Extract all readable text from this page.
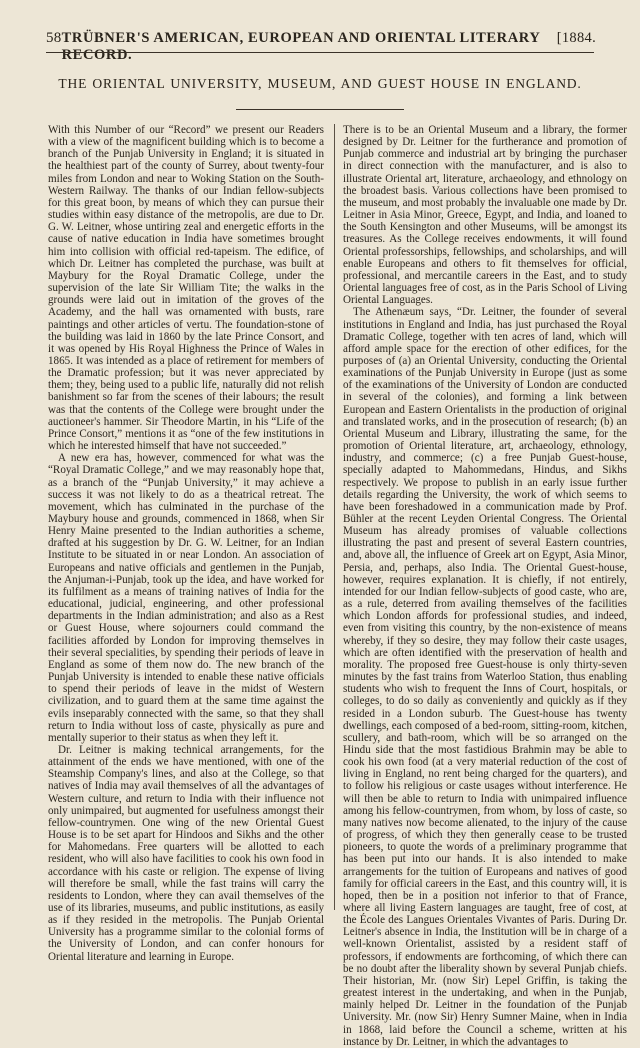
58 TRÜBNER'S AMERICAN, EUROPEAN AND ORIENTAL LITERARY RECORD.
[1884.
THE ORIENTAL UNIVERSITY, MUSEUM, AND GUEST HOUSE IN ENGLAND.

With this Number of our “Record” we present our Readers with a view of the magnificent building which is to become a branch of the Punjab University in England; it is situated in the healthiest part of the county of Surrey, about twenty-four miles from London and near to Woking Station on the South-Western Railway. The thanks of our Indian fellow-subjects for this great boon, by means of which they can pursue their studies within easy distance of the metropolis, are due to Dr. G. W. Leitner, whose untiring zeal and energetic efforts in the cause of native education in India have sometimes brought him into collision with official red-tapeism. The edifice, of which Dr. Leitner has completed the purchase, was built at Maybury for the Royal Dramatic College, under the supervision of the late Sir William Tite; the walks in the grounds were laid out in imitation of the groves of the Academy, and the hall was ornamented with busts, rare paintings and other articles of vertu. The foundation-stone of the building was laid in 1860 by the late Prince Consort, and it was opened by His Royal Highness the Prince of Wales in 1865. It was intended as a place of retirement for members of the Dramatic profession; but it was never appreciated by them; they, being used to a public life, naturally did not relish banishment so far from the scenes of their labours; the result was that the contents of the College were brought under the auctioneer's hammer. Sir Theodore Martin, in his “Life of the Prince Consort,” mentions it as “one of the few institutions in which he interested himself that have not succeeded.”

A new era has, however, commenced for what was the “Royal Dramatic College,” and we may reasonably hope that, as a branch of the “Punjab University,” it may achieve a success it was not likely to do as a theatrical retreat. The movement, which has culminated in the purchase of the Maybury house and grounds, commenced in 1868, when Sir Henry Maine presented to the Indian authorities a scheme, drafted at his suggestion by Dr. G. W. Leitner, for an Indian Institute to be situated in or near London. An association of Europeans and native officials and gentlemen in the Punjab, the Anjuman-i-Punjab, took up the idea, and have worked for its fulfilment as a means of training natives of India for the educational, judicial, engineering, and other professional departments in the Indian administration; and also as a Rest or Guest House, where sojourners could command the facilities afforded by London for improving themselves in their several specialities, by spending their periods of leave in England as some of them now do. The new branch of the Punjab University is intended to enable these native officials to spend their periods of leave in the midst of Western civilization, and to guard them at the same time against the evils inseparably connected with the same, so that they shall return to India without loss of caste, physically as pure and mentally superior to their status as when they left it.

Dr. Leitner is making technical arrangements, for the attainment of the ends we have mentioned, with one of the Steamship Company's lines, and also at the College, so that natives of India may avail themselves of all the advantages of Western culture, and return to India with their influence not only unimpaired, but augmented for usefulness amongst their fellow-countrymen. One wing of the new Oriental Guest House is to be set apart for Hindoos and Sikhs and the other for Mahomedans. Free quarters will be allotted to each resident, who will also have facilities to cook his own food in accordance with his caste or religion. The expense of living will therefore be small, while the fast trains will carry the residents to London, where they can avail themselves of the use of its libraries, museums, and public institutions, as easily as if they resided in the metropolis. The Punjab Oriental University has a programme similar to the colonial forms of the University of London, and can confer honours for Oriental literature and learning in Europe.

There is to be an Oriental Museum and a library, the former designed by Dr. Leitner for the furtherance and promotion of Punjab commerce and industrial art by bringing the purchaser in direct connection with the manufacturer, and is also to illustrate Oriental art, literature, archaeology, and ethnology on the broadest basis. Various collections have been promised to the museum, and most probably the invaluable one made by Dr. Leitner in Asia Minor, Greece, Egypt, and India, and loaned to the South Kensington and other Museums, will be amongst its treasures. As the College receives endowments, it will found Oriental professorships, fellowships, and scholarships, and will enable Europeans and others to fit themselves for official, professional, and mercantile careers in the East, and to study Oriental languages free of cost, as in the Paris School of Living Oriental Languages.

The Athenæum says, “Dr. Leitner, the founder of several institutions in England and India, has just purchased the Royal Dramatic College, together with ten acres of land, which will afford ample space for the erection of other edifices, for the purposes of (a) an Oriental University, conducting the Oriental examinations of the Punjab University in Europe (just as some of the examinations of the University of London are conducted in several of the colonies), and forming a link between European and Eastern Orientalists in the production of original and translated works, and in the prosecution of research; (b) an Oriental Museum and Library, illustrating the same, for the promotion of Oriental literature, art, archaeology, ethnology, industry, and commerce; (c) a free Punjab Guest-house, specially adapted to Mahommedans, Hindus, and Sikhs respectively. We propose to publish in an early issue further details regarding the University, the work of which seems to have been foreshadowed in a communication made by Prof. Bühler at the recent Leyden Oriental Congress. The Oriental Museum has already promises of valuable collections illustrating the past and present of several Eastern countries, and, above all, the influence of Greek art on Egypt, Asia Minor, Persia, and, perhaps, also India. The Oriental Guest-house, however, requires explanation. It is chiefly, if not entirely, intended for our Indian fellow-subjects of good caste, who are, as a rule, deterred from availing themselves of the facilities which London affords for professional studies, and indeed, even from visiting this country, by the non-existence of means whereby, if they so desire, they may follow their caste usages, which are often identified with the preservation of health and morality. The proposed free Guest-house is only thirty-seven minutes by the fast trains from Waterloo Station, thus enabling students who wish to frequent the Inns of Court, hospitals, or colleges, to do so daily as conveniently and quickly as if they resided in a London suburb. The Guest-house has twenty dwellings, each composed of a bed-room, sitting-room, kitchen, scullery, and bath-room, which will be so arranged on the Hindu side that the most fastidious Brahmin may be able to cook his own food (at a very material reduction of the cost of living in England, no rent being charged for the quarters), and to follow his religious or caste usages without interference. He will then be able to return to India with unimpaired influence among his fellow-countrymen, from whom, by loss of caste, so many natives now become alienated, to the injury of the cause of progress, of which they then generally cease to be trusted pioneers, to quote the words of a preliminary programme that has been put into our hands. It is also intended to make arrangements for the tuition of Europeans and natives of good family for official careers in the East, and this country will, it is hoped, then be in a position not inferior to that of France, where all living Eastern languages are taught, free of cost, at the École des Langues Orientales Vivantes of Paris. During Dr. Leitner's absence in India, the Institution will be in charge of a well-known Orientalist, assisted by a resident staff of professors, if endowments are forthcoming, of which there can be no doubt after the liberality shown by several Punjab chiefs. Their historian, Mr. (now Sir) Lepel Griffin, is taking the greatest interest in the undertaking, and when in the Punjab, mainly helped Dr. Leitner in the foundation of the Punjab University. Mr. (now Sir) Henry Sumner Maine, when in India in 1868, laid before the Council a scheme, written at his instance by Dr. Leitner, in which the advantages to
